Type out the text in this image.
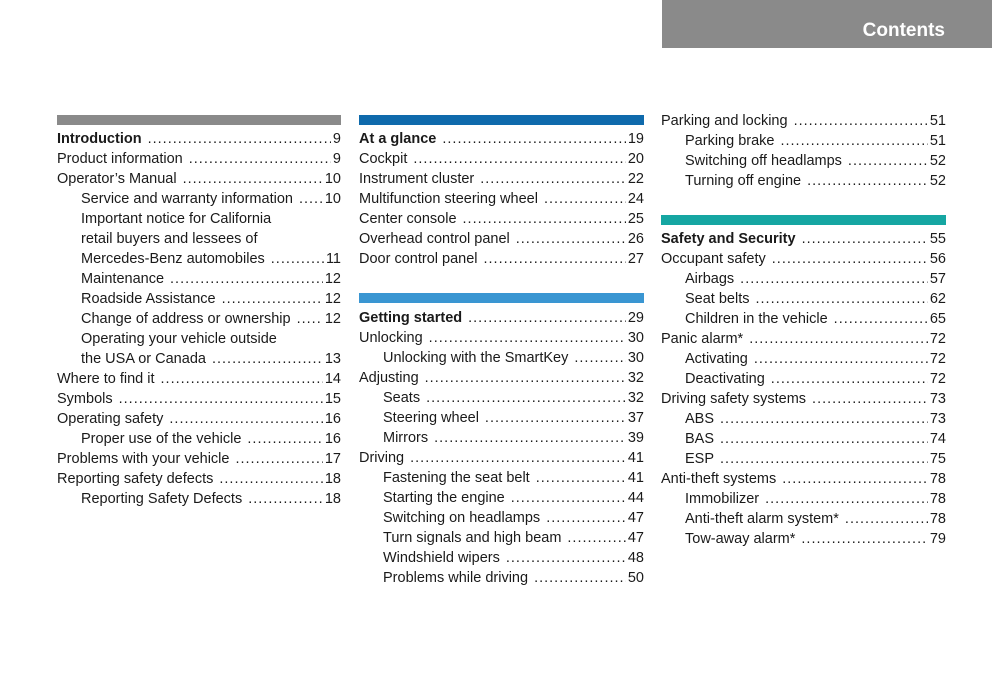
Contents
Introduction .....	9
Product information .....	9
Operator’s Manual .....	10
Service and warranty information ..... 10
Important notice for California
retail buyers and lessees of
Mercedes-Benz automobiles .....	11
Maintenance .....	12
Roadside Assistance .....	12
Change of address or ownership ..... 12
Operating your vehicle outside
the USA or Canada .....	13
Where to find it .....	14
Symbols .....	15
Operating safety .....	16
Proper use of the vehicle .....	16
Problems with your vehicle .....	17
Reporting safety defects .....	18
Reporting Safety Defects .....	18
At a glance .....	19
Cockpit .....	20
Instrument cluster .....	22
Multifunction steering wheel .....	24
Center console .....	25
Overhead control panel .....	26
Door control panel .....	27
Getting started .....	29
Unlocking .....	30
Unlocking with the SmartKey .....	30
Adjusting .....	32
Seats .....	32
Steering wheel .....	37
Mirrors .....	39
Driving .....	41
Fastening the seat belt .....	41
Starting the engine .....	44
Switching on headlamps .....	47
Turn signals and high beam .....	47
Windshield wipers .....	48
Problems while driving .....	50
Parking and locking .....	51
Parking brake .....	51
Switching off headlamps .....	52
Turning off engine .....	52
Safety and Security .....	55
Occupant safety .....	56
Airbags .....	57
Seat belts .....	62
Children in the vehicle .....	65
Panic alarm* .....	72
Activating .....	72
Deactivating .....	72
Driving safety systems .....	73
ABS .....	73
BAS .....	74
ESP .....	75
Anti-theft systems .....	78
Immobilizer .....	78
Anti-theft alarm system* .....	78
Tow-away alarm* .....	79
